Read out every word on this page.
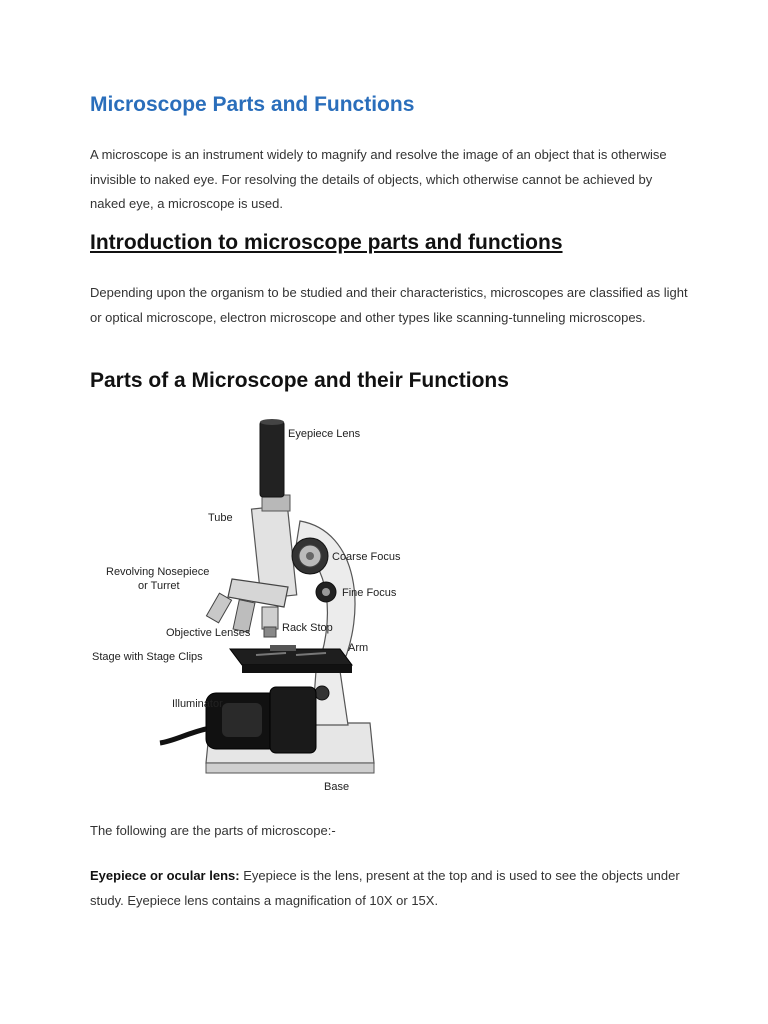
Microscope Parts and Functions

A microscope is an instrument widely to magnify and resolve the image of an object that is otherwise invisible to naked eye. For resolving the details of objects, which otherwise cannot be achieved by naked eye, a microscope is used.

Introduction to microscope parts and functions

Depending upon the organism to be studied and their characteristics, microscopes are classified as light or optical microscope, electron microscope and other types like scanning-tunneling microscopes.

Parts of a Microscope and their Functions
Eyepiece Lens
Tube
Coarse Focus
Revolving Nosepiece
or Turret
Fine Focus
Objective Lenses	Rack Stop
Arm
Stage with Stage Clips
Illuminator
Base

The following are the parts of microscope:-

Eyepiece or ocular lens: Eyepiece is the lens, present at the top and is used to see the objects under study. Eyepiece lens contains a magnification of 10X or 15X.
